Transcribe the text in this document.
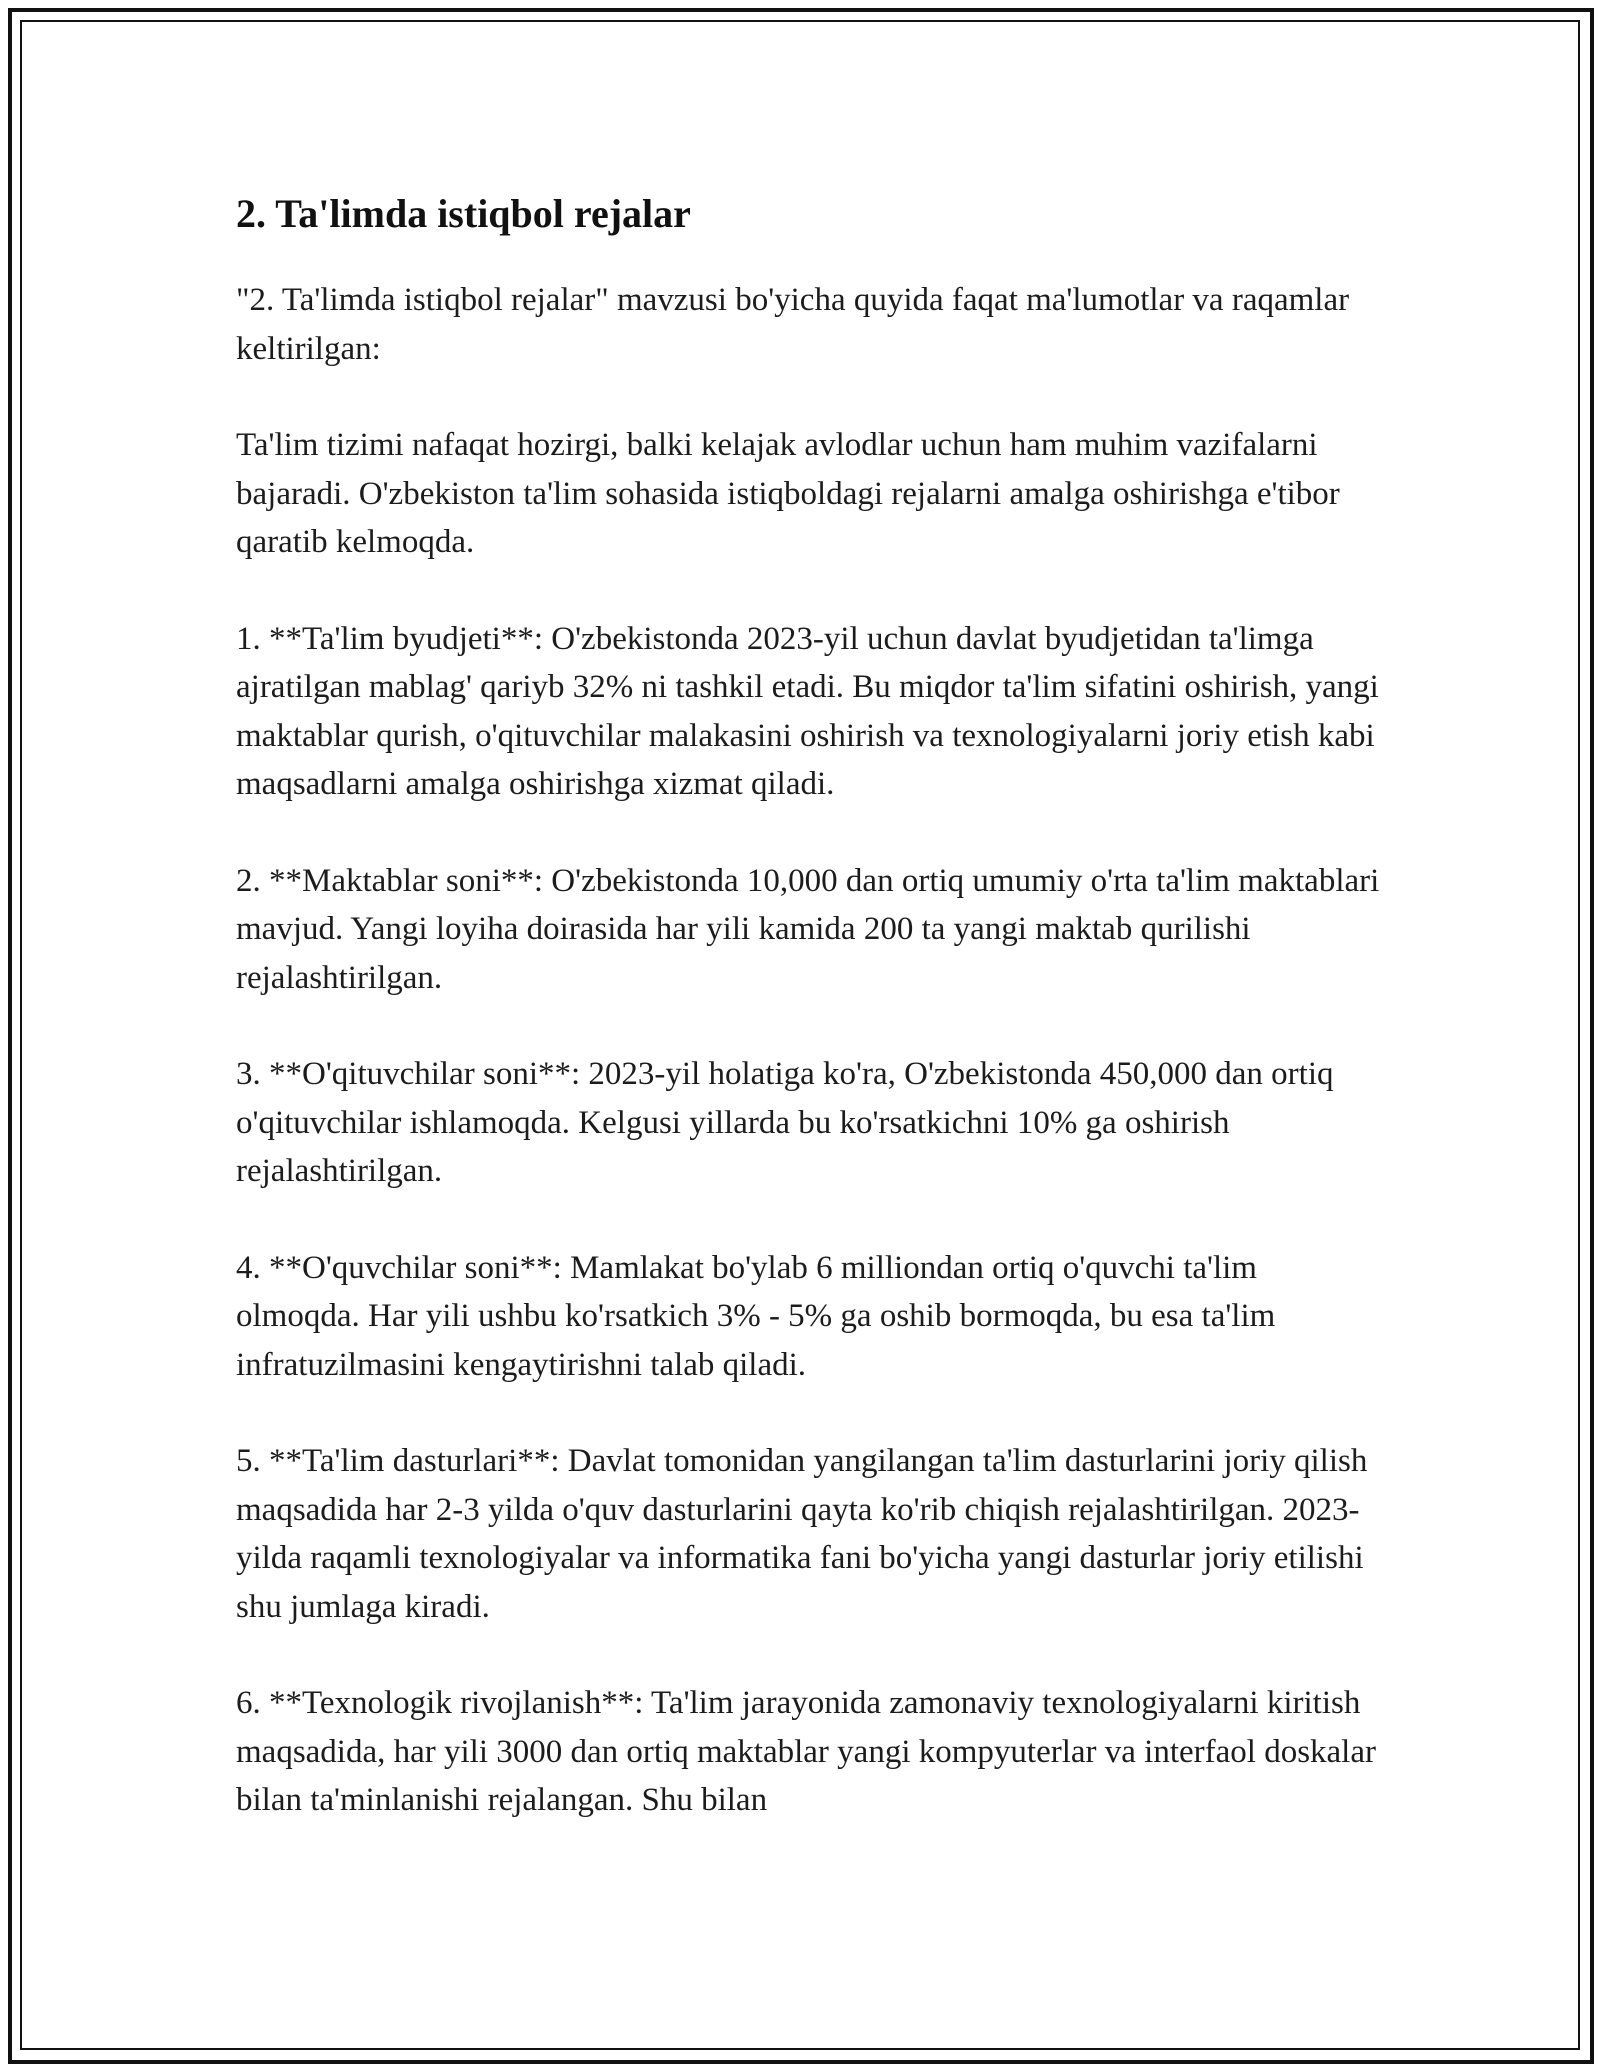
2. Ta'limda istiqbol rejalar

"2. Ta'limda istiqbol rejalar" mavzusi bo'yicha quyida faqat ma'lumotlar va raqamlar keltirilgan:

Ta'lim tizimi nafaqat hozirgi, balki kelajak avlodlar uchun ham muhim vazifalarni bajaradi. O'zbekiston ta'lim sohasida istiqboldagi rejalarni amalga oshirishga e'tibor qaratib kelmoqda.

1. **Ta'lim byudjeti**: O'zbekistonda 2023-yil uchun davlat byudjetidan ta'limga ajratilgan mablag' qariyb 32% ni tashkil etadi. Bu miqdor ta'lim sifatini oshirish, yangi maktablar qurish, o'qituvchilar malakasini oshirish va texnologiyalarni joriy etish kabi maqsadlarni amalga oshirishga xizmat qiladi.

2. **Maktablar soni**: O'zbekistonda 10,000 dan ortiq umumiy o'rta ta'lim maktablari mavjud. Yangi loyiha doirasida har yili kamida 200 ta yangi maktab qurilishi rejalashtirilgan.

3. **O'qituvchilar soni**: 2023-yil holatiga ko'ra, O'zbekistonda 450,000 dan ortiq o'qituvchilar ishlamoqda. Kelgusi yillarda bu ko'rsatkichni 10% ga oshirish rejalashtirilgan.

4. **O'quvchilar soni**: Mamlakat bo'ylab 6 milliondan ortiq o'quvchi ta'lim olmoqda. Har yili ushbu ko'rsatkich 3% - 5% ga oshib bormoqda, bu esa ta'lim infratuzilmasini kengaytirishni talab qiladi.

5. **Ta'lim dasturlari**: Davlat tomonidan yangilangan ta'lim dasturlarini joriy qilish maqsadida har 2-3 yilda o'quv dasturlarini qayta ko'rib chiqish rejalashtirilgan. 2023-yilda raqamli texnologiyalar va informatika fani bo'yicha yangi dasturlar joriy etilishi shu jumlaga kiradi.

6. **Texnologik rivojlanish**: Ta'lim jarayonida zamonaviy texnologiyalarni kiritish maqsadida, har yili 3000 dan ortiq maktablar yangi kompyuterlar va interfaol doskalar bilan ta'minlanishi rejalangan. Shu bilan
